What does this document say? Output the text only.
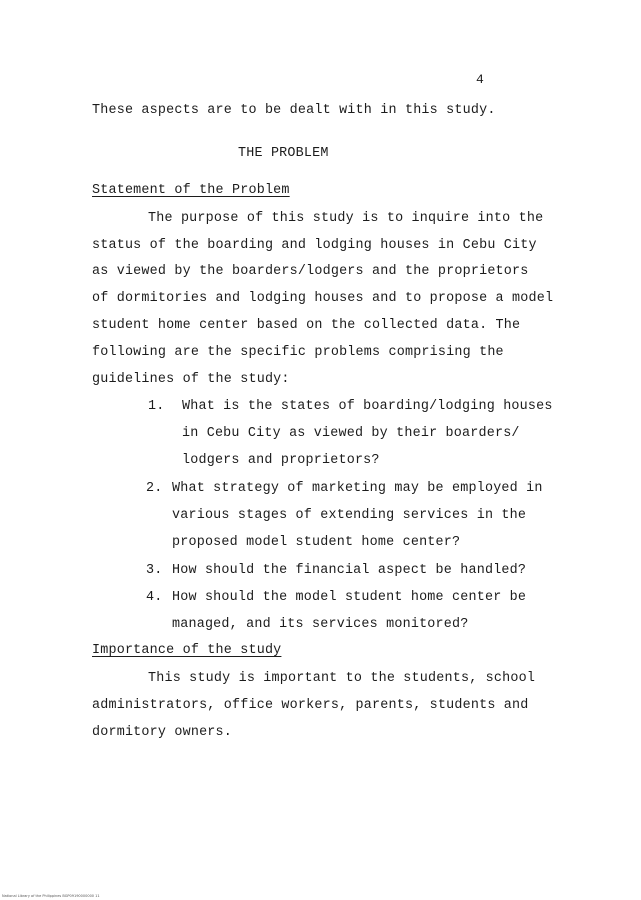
4
These aspects are to be dealt with in this study.
THE PROBLEM
Statement of the Problem
The purpose of this study is to inquire into the
status of the boarding and lodging houses in Cebu City
as viewed by the boarders/lodgers and the proprietors
of dormitories and lodging houses and to propose a model
student home center based on the collected data. The
following are the specific problems comprising the
guidelines of the study:
1. What is the states of boarding/lodging houses
in Cebu City as viewed by their boarders/
lodgers and proprietors?
2. What strategy of marketing may be employed in
various stages of extending services in the
proposed model student home center?
3. How should the financial aspect be handled?
4. How should the model student home center be
managed, and its services monitored?
Importance of the study
This study is important to the students, school
administrators, office workers, parents, students and
dormitory owners.
National Library of the Philippines BGP09190000000 11
